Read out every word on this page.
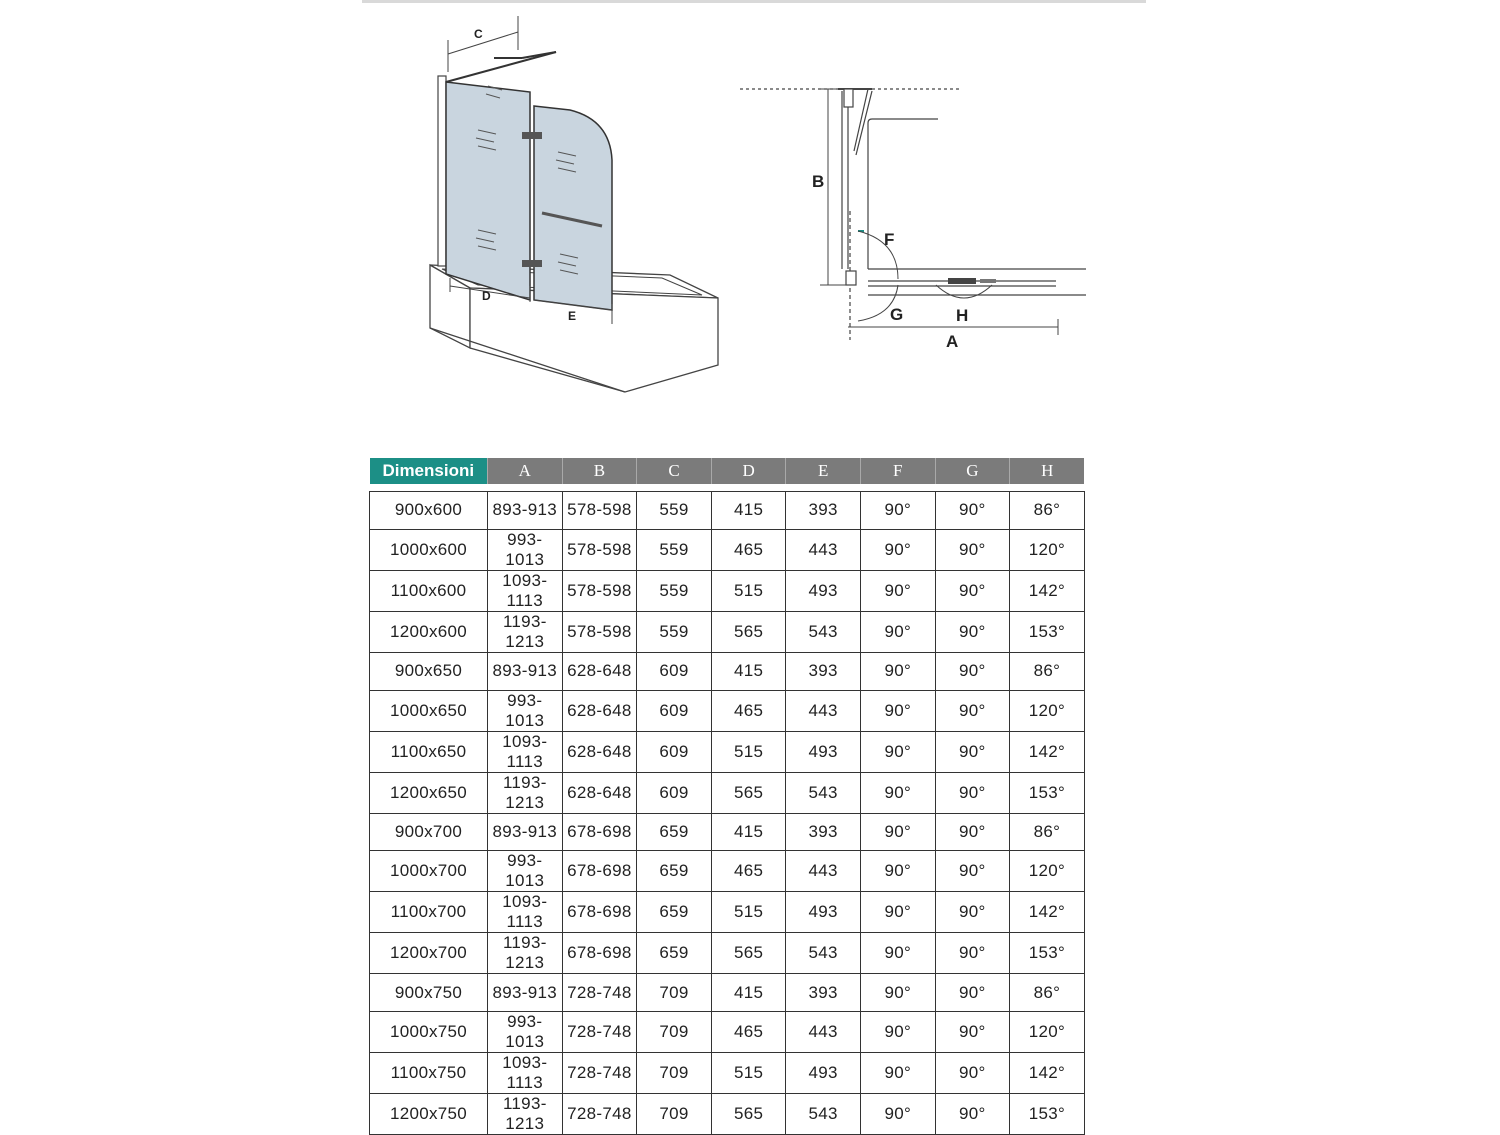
C
D
E
B
F
G	H
A
Dimensioni	A	B	C	D	E	F	G	H

900x600	893-913	578-598	559	415	393	90°	90°	86°
1000x600	993-1013	578-598	559	465	443	90°	90°	120°
1100x600	1093-1113	578-598	559	515	493	90°	90°	142°
1200x600	1193-1213	578-598	559	565	543	90°	90°	153°
900x650	893-913	628-648	609	415	393	90°	90°	86°
1000x650	993-1013	628-648	609	465	443	90°	90°	120°
1100x650	1093-1113	628-648	609	515	493	90°	90°	142°
1200x650	1193-1213	628-648	609	565	543	90°	90°	153°
900x700	893-913	678-698	659	415	393	90°	90°	86°
1000x700	993-1013	678-698	659	465	443	90°	90°	120°
1100x700	1093-1113	678-698	659	515	493	90°	90°	142°
1200x700	1193-1213	678-698	659	565	543	90°	90°	153°
900x750	893-913	728-748	709	415	393	90°	90°	86°
1000x750	993-1013	728-748	709	465	443	90°	90°	120°
1100x750	1093-1113	728-748	709	515	493	90°	90°	142°
1200x750	1193-1213	728-748	709	565	543	90°	90°	153°
